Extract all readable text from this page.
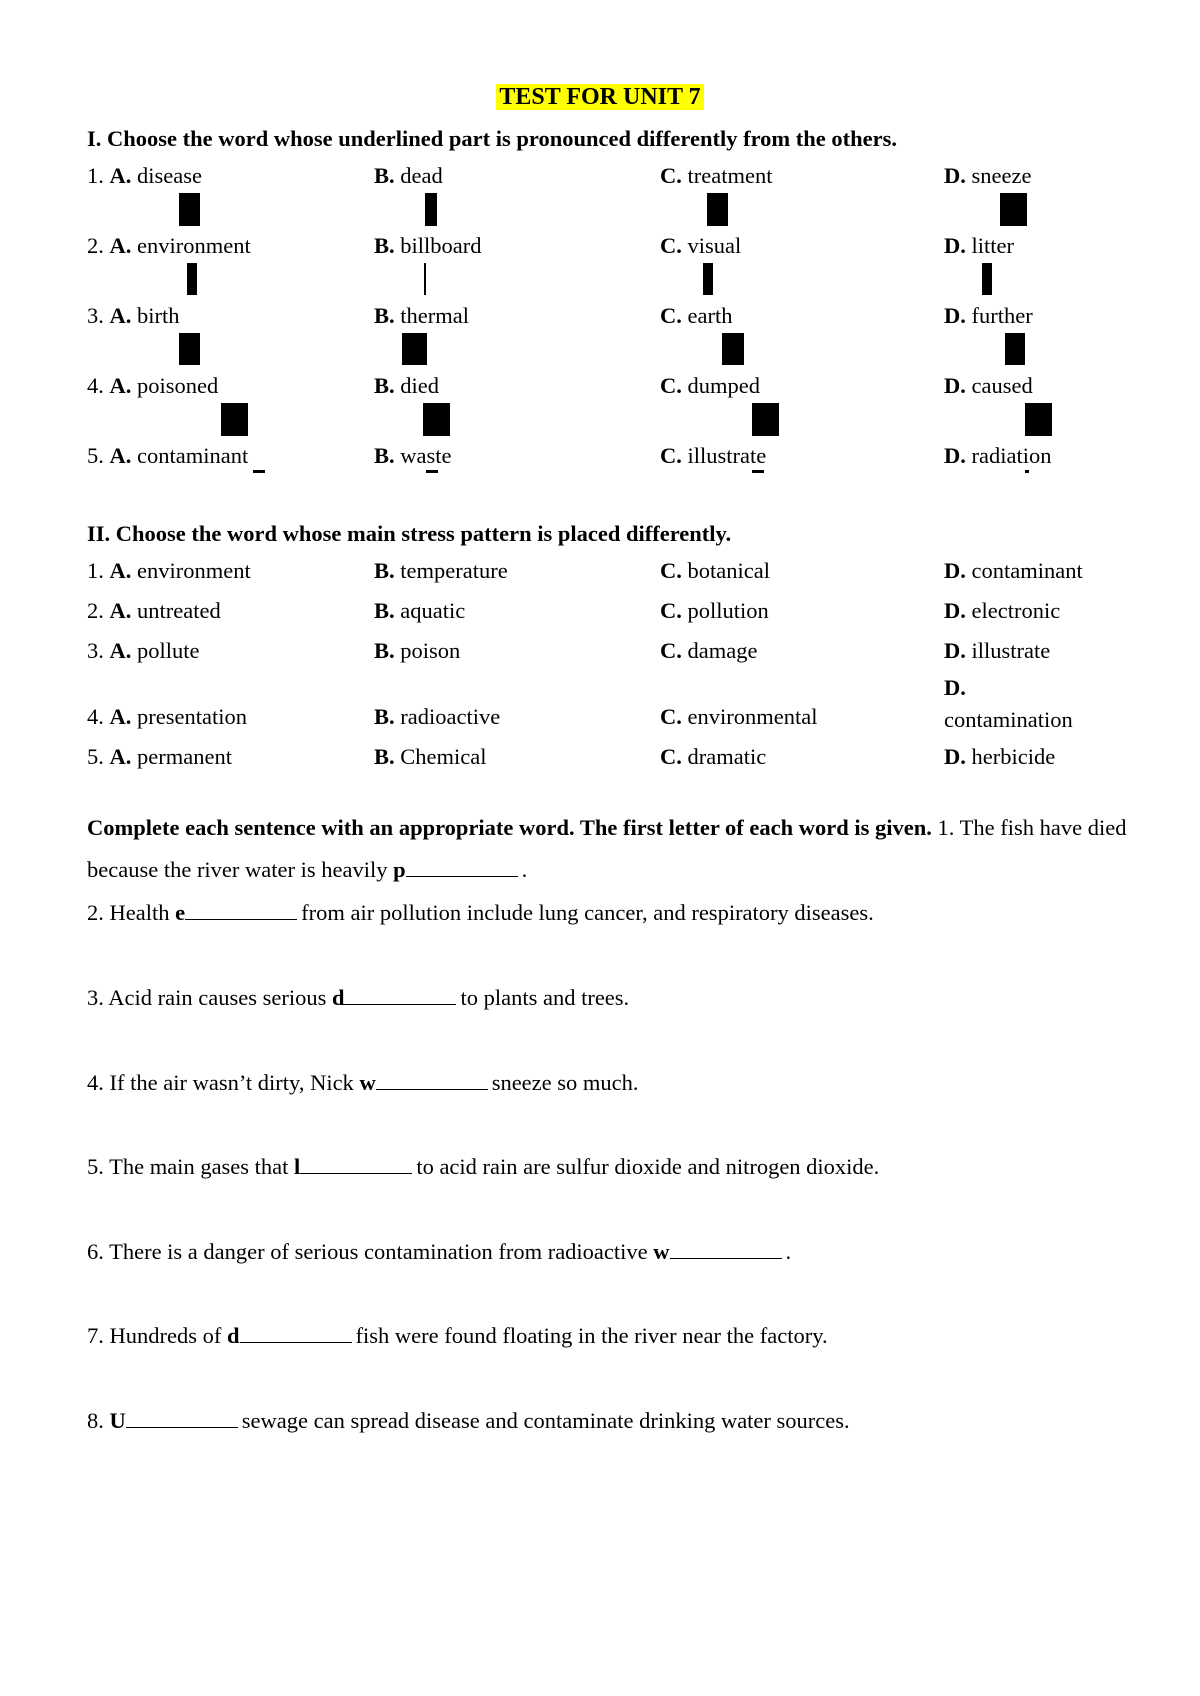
TEST FOR UNIT 7
I. Choose the word whose underlined part is pronounced differently from the others.
1. A. disease	B. dead	C. treatment	D. sneeze
2. A. environment	B. billboard	C. visual	D. litter
3. A. birth	B. thermal	C. earth	D. further
4. A. poisoned	B. died	C. dumped	D. caused
5. A. contaminant	B. waste	C. illustrate	D. radiation
II. Choose the word whose main stress pattern is placed differently.
1. A. environment	B. temperature	C. botanical	D. contaminant
2. A. untreated	B. aquatic	C. pollution	D. electronic
3. A. pollute	B. poison	C. damage	D. illustrate
4. A. presentation	B. radioactive	C. environmental
D.
contamination
5. A. permanent	B. Chemical	C. dramatic	D. herbicide
Complete each sentence with an appropriate word. The first letter of each word is given. 1. The fish have died because the river water is heavily p	.
2. Health e	from air pollution include lung cancer, and respiratory diseases.
3. Acid rain causes serious d	to plants and trees.
4. If the air wasn’t dirty, Nick w	sneeze so much.
5. The main gases that l	to acid rain are sulfur dioxide and nitrogen dioxide.
6. There is a danger of serious contamination from radioactive w	.
7. Hundreds of d	fish were found floating in the river near the factory.
8. U	sewage can spread disease and contaminate drinking water sources.
